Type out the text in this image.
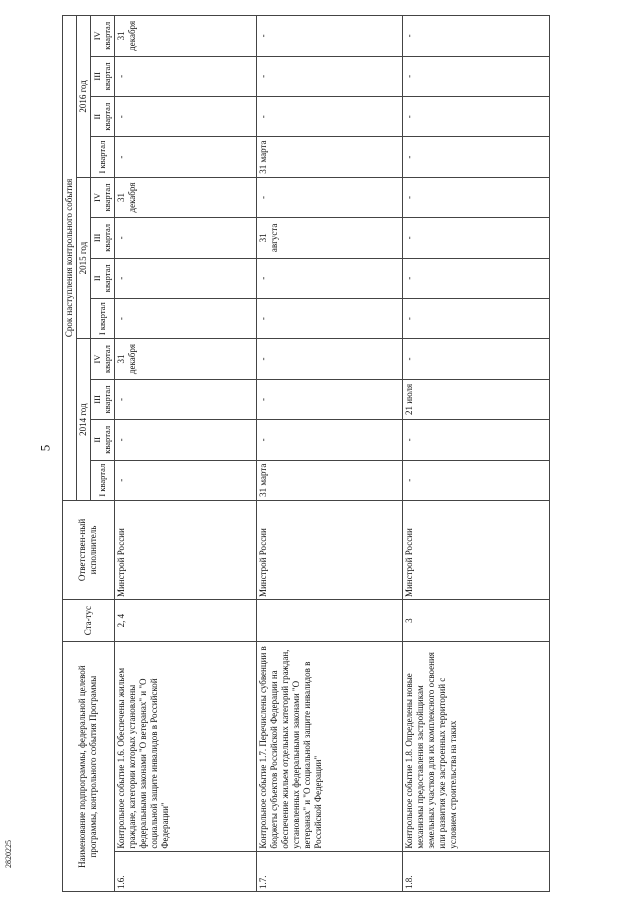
5
2820225	Наименование подпрограммы, федеральной целевой программы, контрольного события Программы		Ста-тус	Ответствен-ный исполнитель	Срок наступления контрольного события											
				2014 год				2015 год				2016 год			
				I квартал	II квартал	III квартал	IV квартал	I квартал	II квартал	III квартал	IV квартал	I квартал	II квартал	III квартал	IV квартал
1.6.	Контрольное событие 1.6. Обеспечены жильем граждане, категории которых установлены федеральными законами "О ветеранах" и "О социальной защите инвалидов в Российской Федерации"	2, 4	Минстрой России	-	-	-	31 декабря	-	-	-	31 декабря	-	-	-	31 декабря
1.7.	Контрольное событие 1.7. Перечислены субвенции в бюджеты субъектов Российской Федерации на обеспечение жильем отдельных категорий граждан, установленных федеральными законами "О ветеранах" и "О социальной защите инвалидов в Российской Федерации"		Минстрой России	31 марта	-	-	-	-	-	31 августа	-	31 марта	-	-	-
1.8.	Контрольное событие 1.8. Определены новые механизмы предоставления застройщикам земельных участков для их комплексного освоения или развития уже застроенных территорий с условием строительства на таких	3	Минстрой России	-	-	21 июля	-	-	-	-	-	-	-	-	-
